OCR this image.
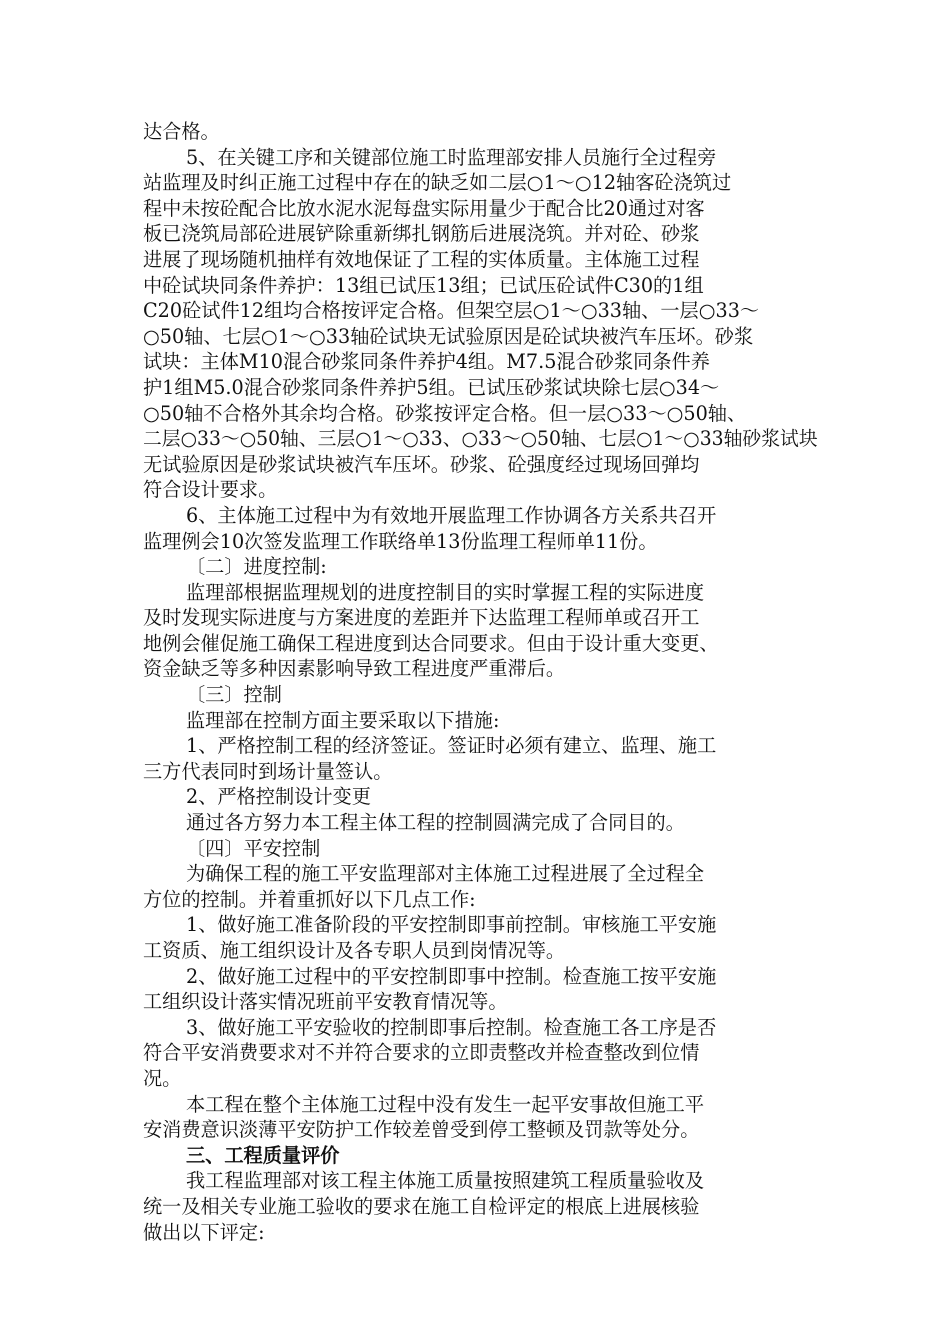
达合格。
5、在关键工序和关键部位施工时监理部安排人员施行全过程旁
站监理及时纠正施工过程中存在的缺乏如二层○1～○12轴客砼浇筑过
程中未按砼配合比放水泥水泥每盘实际用量少于配合比20通过对客
板已浇筑局部砼进展铲除重新绑扎钢筋后进展浇筑。并对砼、砂浆
进展了现场随机抽样有效地保证了工程的实体质量。主体施工过程
中砼试块同条件养护：13组已试压13组；已试压砼试件C30的1组
C20砼试件12组均合格按评定合格。但架空层○1～○33轴、一层○33～
○50轴、七层○1～○33轴砼试块无试验原因是砼试块被汽车压坏。砂浆
试块：主体M10混合砂浆同条件养护4组。M7.5混合砂浆同条件养
护1组M5.0混合砂浆同条件养护5组。已试压砂浆试块除七层○34～
○50轴不合格外其余均合格。砂浆按评定合格。但一层○33～○50轴、
二层○33～○50轴、三层○1～○33、○33～○50轴、七层○1～○33轴砂浆试块
无试验原因是砂浆试块被汽车压坏。砂浆、砼强度经过现场回弹均
符合设计要求。
6、主体施工过程中为有效地开展监理工作协调各方关系共召开
监理例会10次签发监理工作联络单13份监理工程师单11份。
〔二〕进度控制:
监理部根据监理规划的进度控制目的实时掌握工程的实际进度
及时发现实际进度与方案进度的差距并下达监理工程师单或召开工
地例会催促施工确保工程进度到达合同要求。但由于设计重大变更、
资金缺乏等多种因素影响导致工程进度严重滞后。
〔三〕控制
监理部在控制方面主要采取以下措施:
1、严格控制工程的经济签证。签证时必须有建立、监理、施工
三方代表同时到场计量签认。
2、严格控制设计变更
通过各方努力本工程主体工程的控制圆满完成了合同目的。
〔四〕平安控制
为确保工程的施工平安监理部对主体施工过程进展了全过程全
方位的控制。并着重抓好以下几点工作:
1、做好施工准备阶段的平安控制即事前控制。审核施工平安施
工资质、施工组织设计及各专职人员到岗情况等。
2、做好施工过程中的平安控制即事中控制。检查施工按平安施
工组织设计落实情况班前平安教育情况等。
3、做好施工平安验收的控制即事后控制。检查施工各工序是否
符合平安消费要求对不并符合要求的立即责整改并检查整改到位情
况。
本工程在整个主体施工过程中没有发生一起平安事故但施工平
安消费意识淡薄平安防护工作较差曾受到停工整顿及罚款等处分。
三、工程质量评价
我工程监理部对该工程主体施工质量按照建筑工程质量验收及
统一及相关专业施工验收的要求在施工自检评定的根底上进展核验
做出以下评定:
